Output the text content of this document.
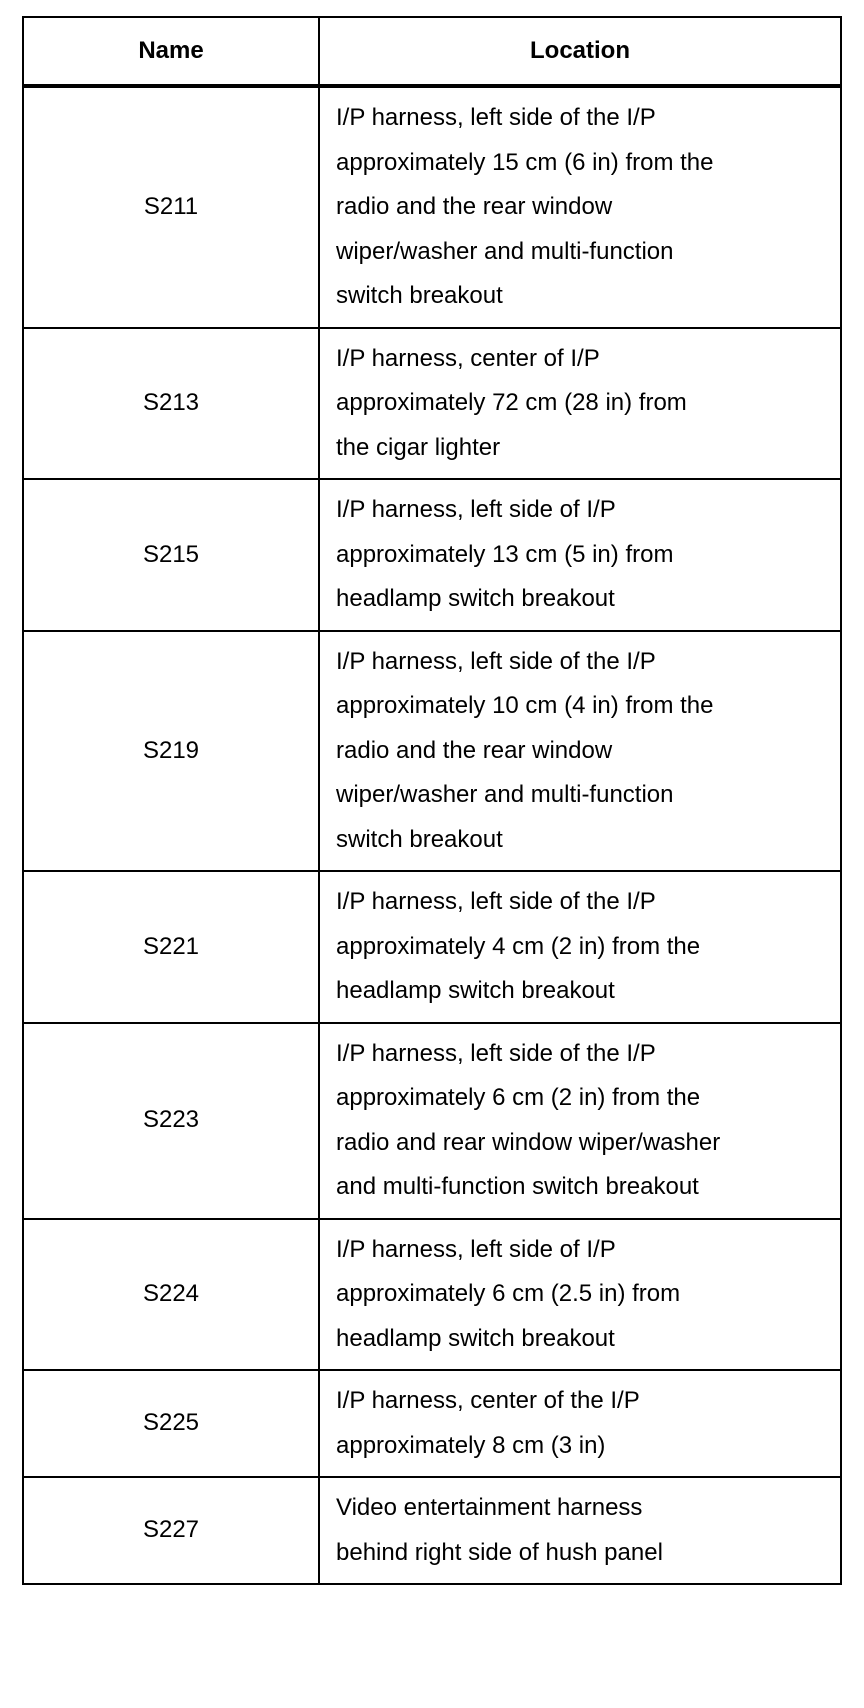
Name	Location
S211	I/P harness, left side of the I/P
approximately 15 cm (6 in) from the
radio and the rear window
wiper/washer and multi-function
switch breakout
S213	I/P harness, center of I/P
approximately 72 cm (28 in) from
the cigar lighter
S215	I/P harness, left side of I/P
approximately 13 cm (5 in) from
headlamp switch breakout
S219	I/P harness, left side of the I/P
approximately 10 cm (4 in) from the
radio and the rear window
wiper/washer and multi-function
switch breakout
S221	I/P harness, left side of the I/P
approximately 4 cm (2 in) from the
headlamp switch breakout
S223	I/P harness, left side of the I/P
approximately 6 cm (2 in) from the
radio and rear window wiper/washer
and multi-function switch breakout
S224	I/P harness, left side of I/P
approximately 6 cm (2.5 in) from
headlamp switch breakout
S225	I/P harness, center of the I/P
approximately 8 cm (3 in)
S227	Video entertainment harness
behind right side of hush panel
